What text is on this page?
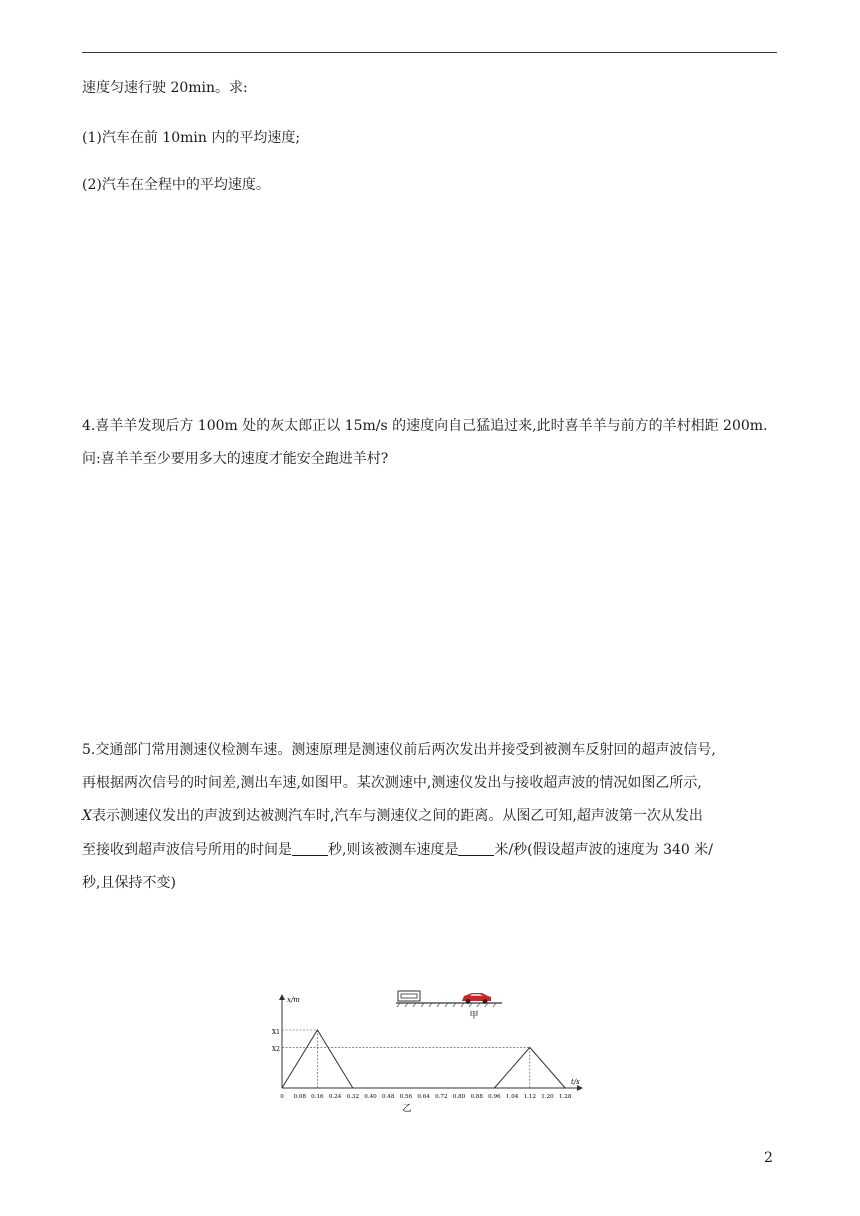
速度匀速行驶 20min。求:
(1)汽车在前 10min 内的平均速度;
(2)汽车在全程中的平均速度。
4.喜羊羊发现后方 100m 处的灰太郎正以 15m/s 的速度向自己猛追过来,此时喜羊羊与前方的羊村相距 200m.
问:喜羊羊至少要用多大的速度才能安全跑进羊村?
5.交通部门常用测速仪检测车速。测速原理是测速仪前后两次发出并接受到被测车反射回的超声波信号,
再根据两次信号的时间差,测出车速,如图甲。某次测速中,测速仪发出与接收超声波的情况如图乙所示,
X表示测速仪发出的声波到达被测汽车时,汽车与测速仪之间的距离。从图乙可知,超声波第一次从发出
至接收到超声波信号所用的时间是	秒,则该被测车速度是	米/秒(假设超声波的速度为 340 米/
秒,且保持不变)
甲
x/m
t/s
X1
X2
0 0.08 0.16 0.24 0.32 0.40 0.48 0.56 0.64 0.72 0.80 0.88 0.96 1.04 1.12 1.20 1.28
乙
2
